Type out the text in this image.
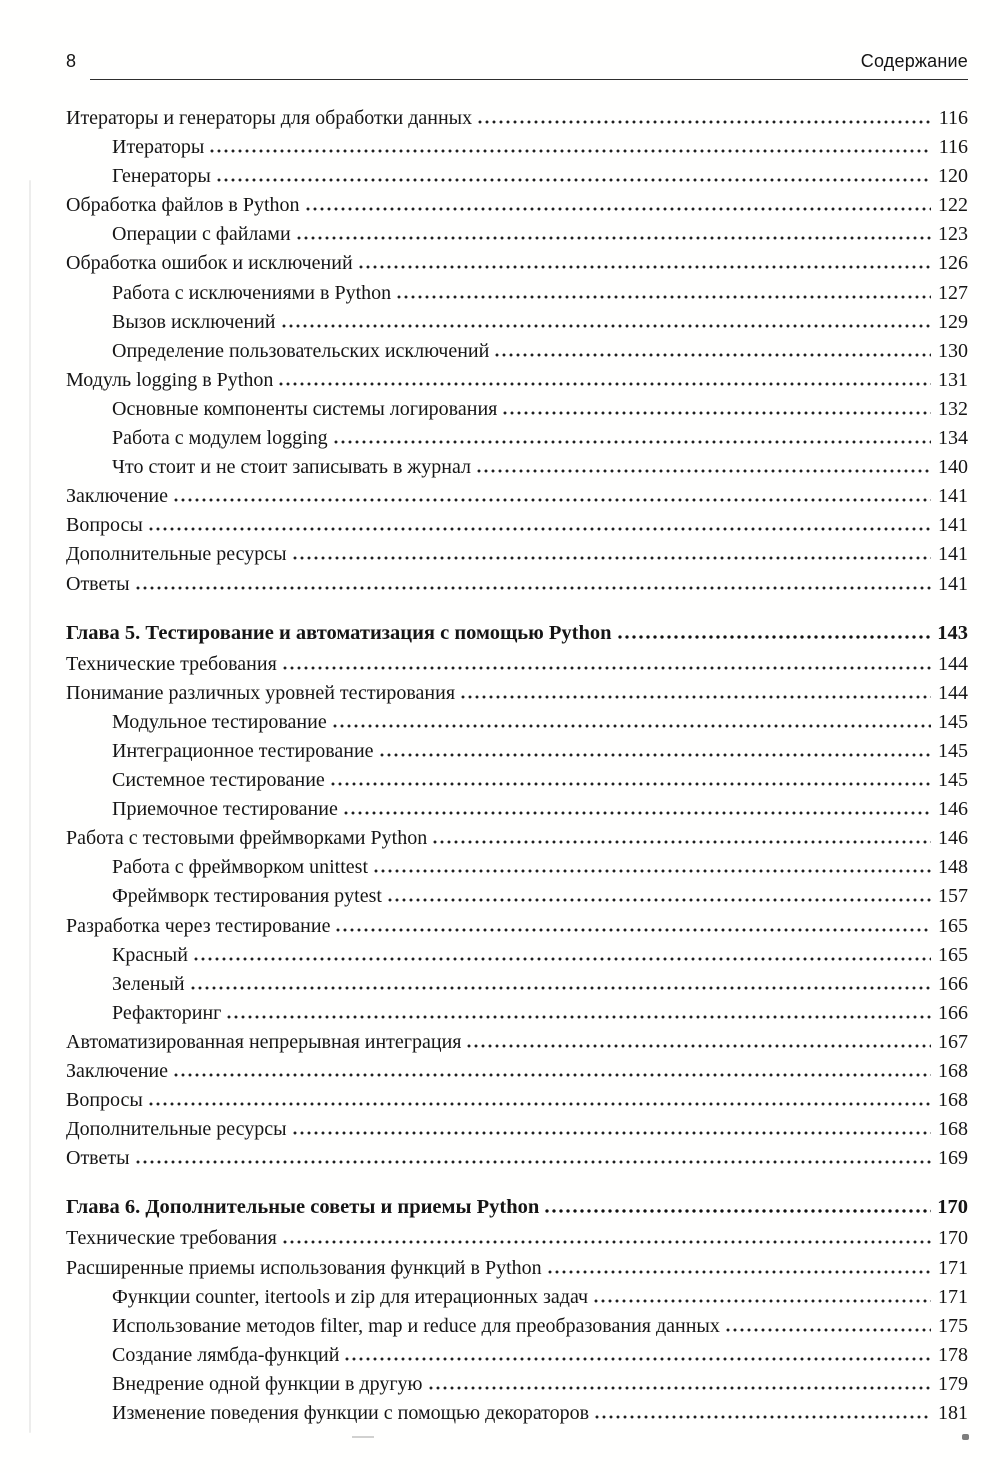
8	Содержание
Итераторы и генераторы для обработки данных	116
Итераторы	116
Генераторы	120
Обработка файлов в Python	122
Операции с файлами	123
Обработка ошибок и исключений	126
Работа с исключениями в Python	127
Вызов исключений	129
Определение пользовательских исключений	130
Модуль logging в Python	131
Основные компоненты системы логирования	132
Работа с модулем logging	134
Что стоит и не стоит записывать в журнал	140
Заключение	141
Вопросы	141
Дополнительные ресурсы	141
Ответы	141
Глава 5. Тестирование и автоматизация с помощью Python	143
Технические требования	144
Понимание различных уровней тестирования	144
Модульное тестирование	145
Интеграционное тестирование	145
Системное тестирование	145
Приемочное тестирование	146
Работа с тестовыми фреймворками Python	146
Работа с фреймворком unittest	148
Фреймворк тестирования pytest	157
Разработка через тестирование	165
Красный	165
Зеленый	166
Рефакторинг	166
Автоматизированная непрерывная интеграция	167
Заключение	168
Вопросы	168
Дополнительные ресурсы	168
Ответы	169
Глава 6. Дополнительные советы и приемы Python	170
Технические требования	170
Расширенные приемы использования функций в Python	171
Функции counter, itertools и zip для итерационных задач	171
Использование методов filter, map и reduce для преобразования данных	175
Создание лямбда-функций	178
Внедрение одной функции в другую	179
Изменение поведения функции с помощью декораторов	181
